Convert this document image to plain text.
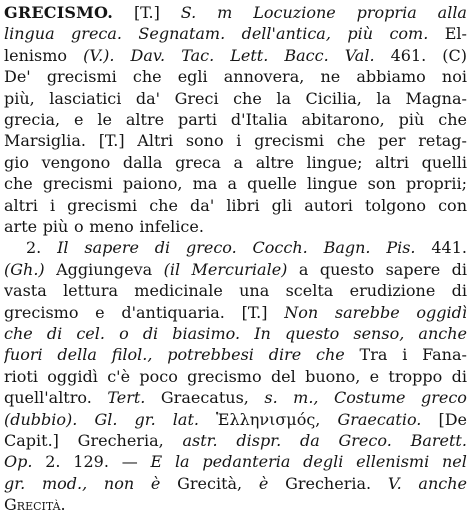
GRECISMO. [T.] S. m Locuzione propria alla
lingua greca. Segnatam. dell'antica, più com. El-
lenismo (V.). Dav. Tac. Lett. Bacc. Val. 461. (C)
De' grecismi che egli annovera, ne abbiamo noi
più, lasciatici da' Greci che la Cicilia, la Magna-
grecia, e le altre parti d'Italia abitarono, più che
Marsiglia. [T.] Altri sono i grecismi che per retag-
gio vengono dalla greca a altre lingue; altri quelli
che grecismi paiono, ma a quelle lingue son proprii;
altri i grecismi che da' libri gli autori tolgono con
arte più o meno infelice.
2. Il sapere di greco. Cocch. Bagn. Pis. 441.
(Gh.) Aggiungeva (il Mercuriale) a questo sapere di
vasta lettura medicinale una scelta erudizione di
grecismo e d'antiquaria. [T.] Non sarebbe oggidì
che di cel. o di biasimo. In questo senso, anche
fuori della filol., potrebbesi dire che Tra i Fana-
rioti oggidì c'è poco grecismo del buono, e troppo di
quell'altro. Tert. Graecatus, s. m., Costume greco
(dubbio). Gl. gr. lat. Ἑλληνισμός, Graecatio. [De
Capit.] Grecheria, astr. dispr. da Greco. Barett.
Op. 2. 129. — E la pedanteria degli ellenismi nel
gr. mod., non è Grecità, è Grecheria. V. anche
Grecità.
